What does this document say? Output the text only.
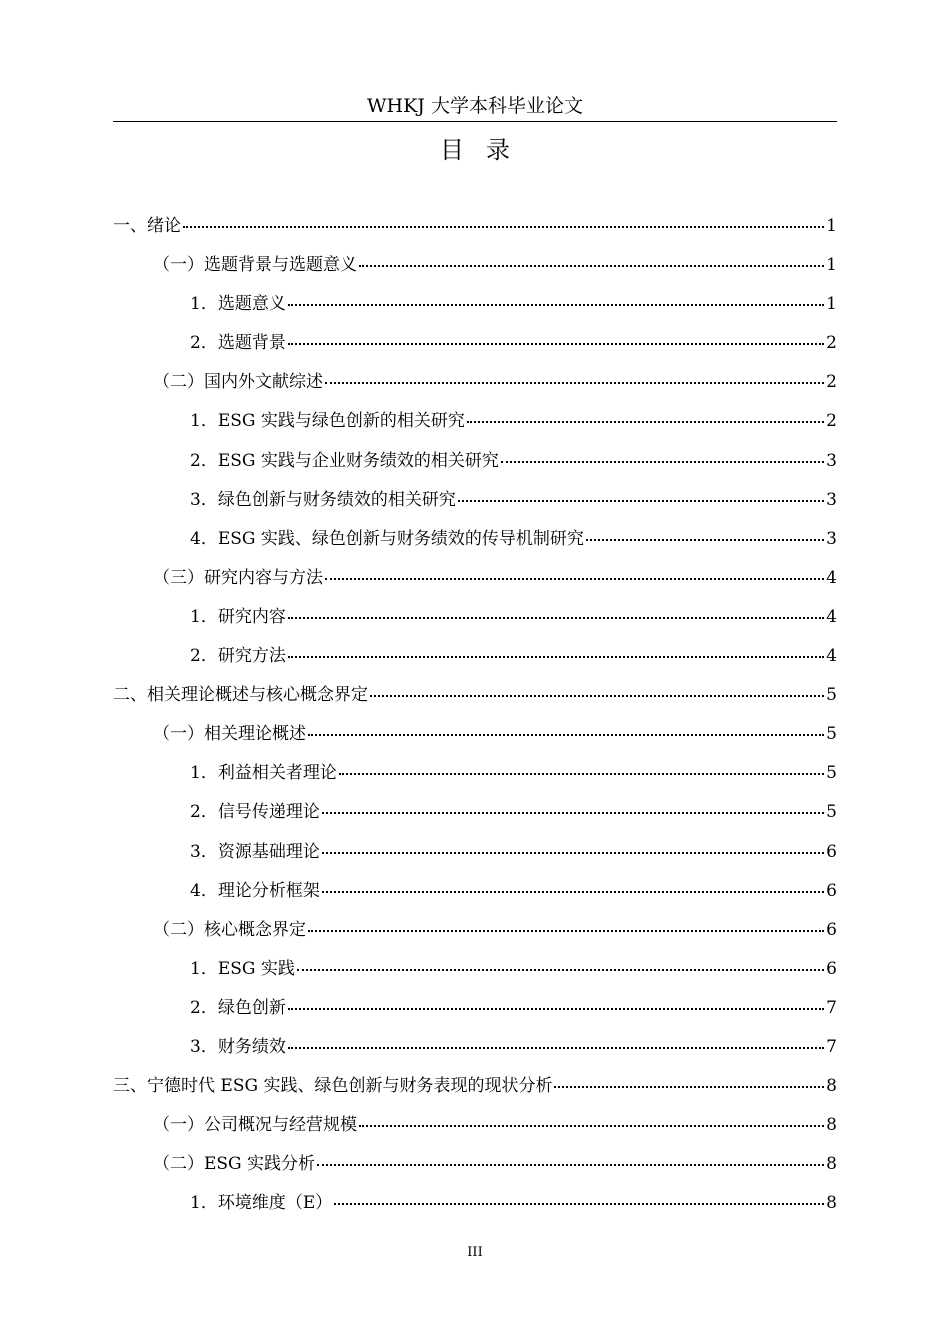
WHKJ 大学本科毕业论文
目录
一、绪论	1
（一）选题背景与选题意义	1
1．选题意义	1
2．选题背景	2
（二）国内外文献综述	2
1．ESG 实践与绿色创新的相关研究	2
2．ESG 实践与企业财务绩效的相关研究	3
3．绿色创新与财务绩效的相关研究	3
4．ESG 实践、绿色创新与财务绩效的传导机制研究	3
（三）研究内容与方法	4
1．研究内容	4
2．研究方法	4
二、相关理论概述与核心概念界定	5
（一）相关理论概述	5
1．利益相关者理论	5
2．信号传递理论	5
3．资源基础理论	6
4．理论分析框架	6
（二）核心概念界定	6
1．ESG 实践	6
2．绿色创新	7
3．财务绩效	7
三、宁德时代 ESG 实践、绿色创新与财务表现的现状分析	8
（一）公司概况与经营规模	8
（二）ESG 实践分析	8
1．环境维度（E）	8
III
